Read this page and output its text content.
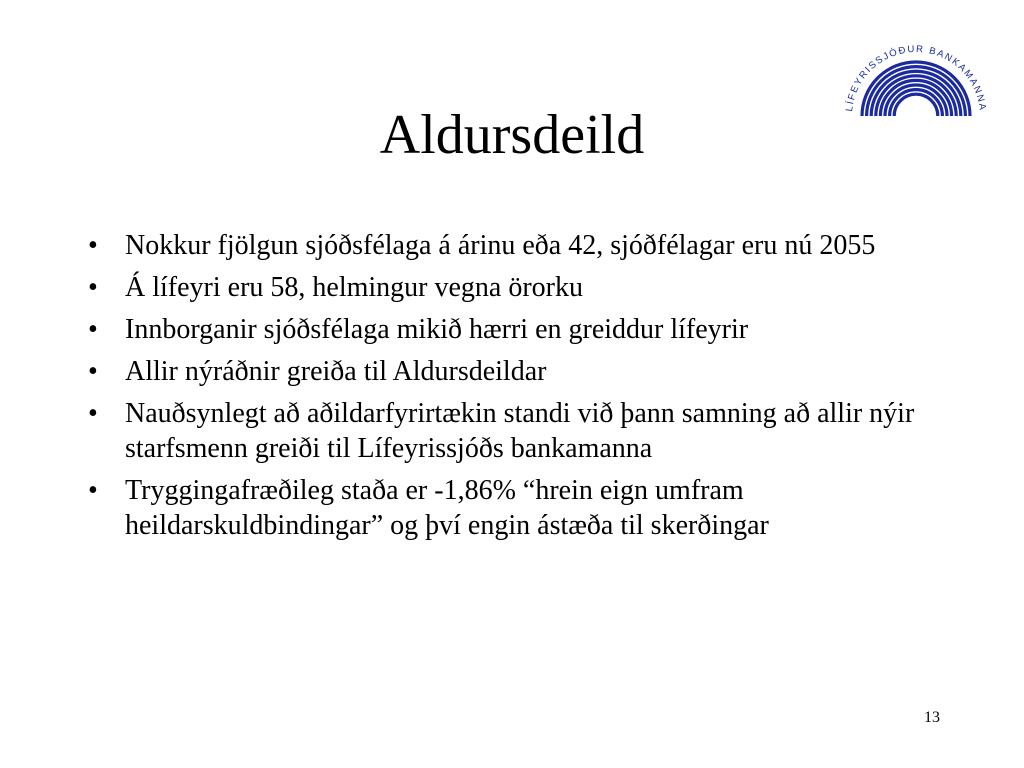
Aldursdeild	LÍFEYRISSJÓÐUR BANKAMANNA
• Nokkur fjölgun sjóðsfélaga á árinu eða 42, sjóðfélagar eru nú 2055
• Á lífeyri eru 58, helmingur vegna örorku
• Innborganir sjóðsfélaga mikið hærri en greiddur lífeyrir
• Allir nýráðnir greiða til Aldursdeildar
• Nauðsynlegt að aðildarfyrirtækin standi við þann samning að allir nýir starfsmenn greiði til Lífeyrissjóðs bankamanna
• Tryggingafræðileg staða er -1,86% “hrein eign umfram heildarskuldbindingar” og því engin ástæða til skerðingar
13
